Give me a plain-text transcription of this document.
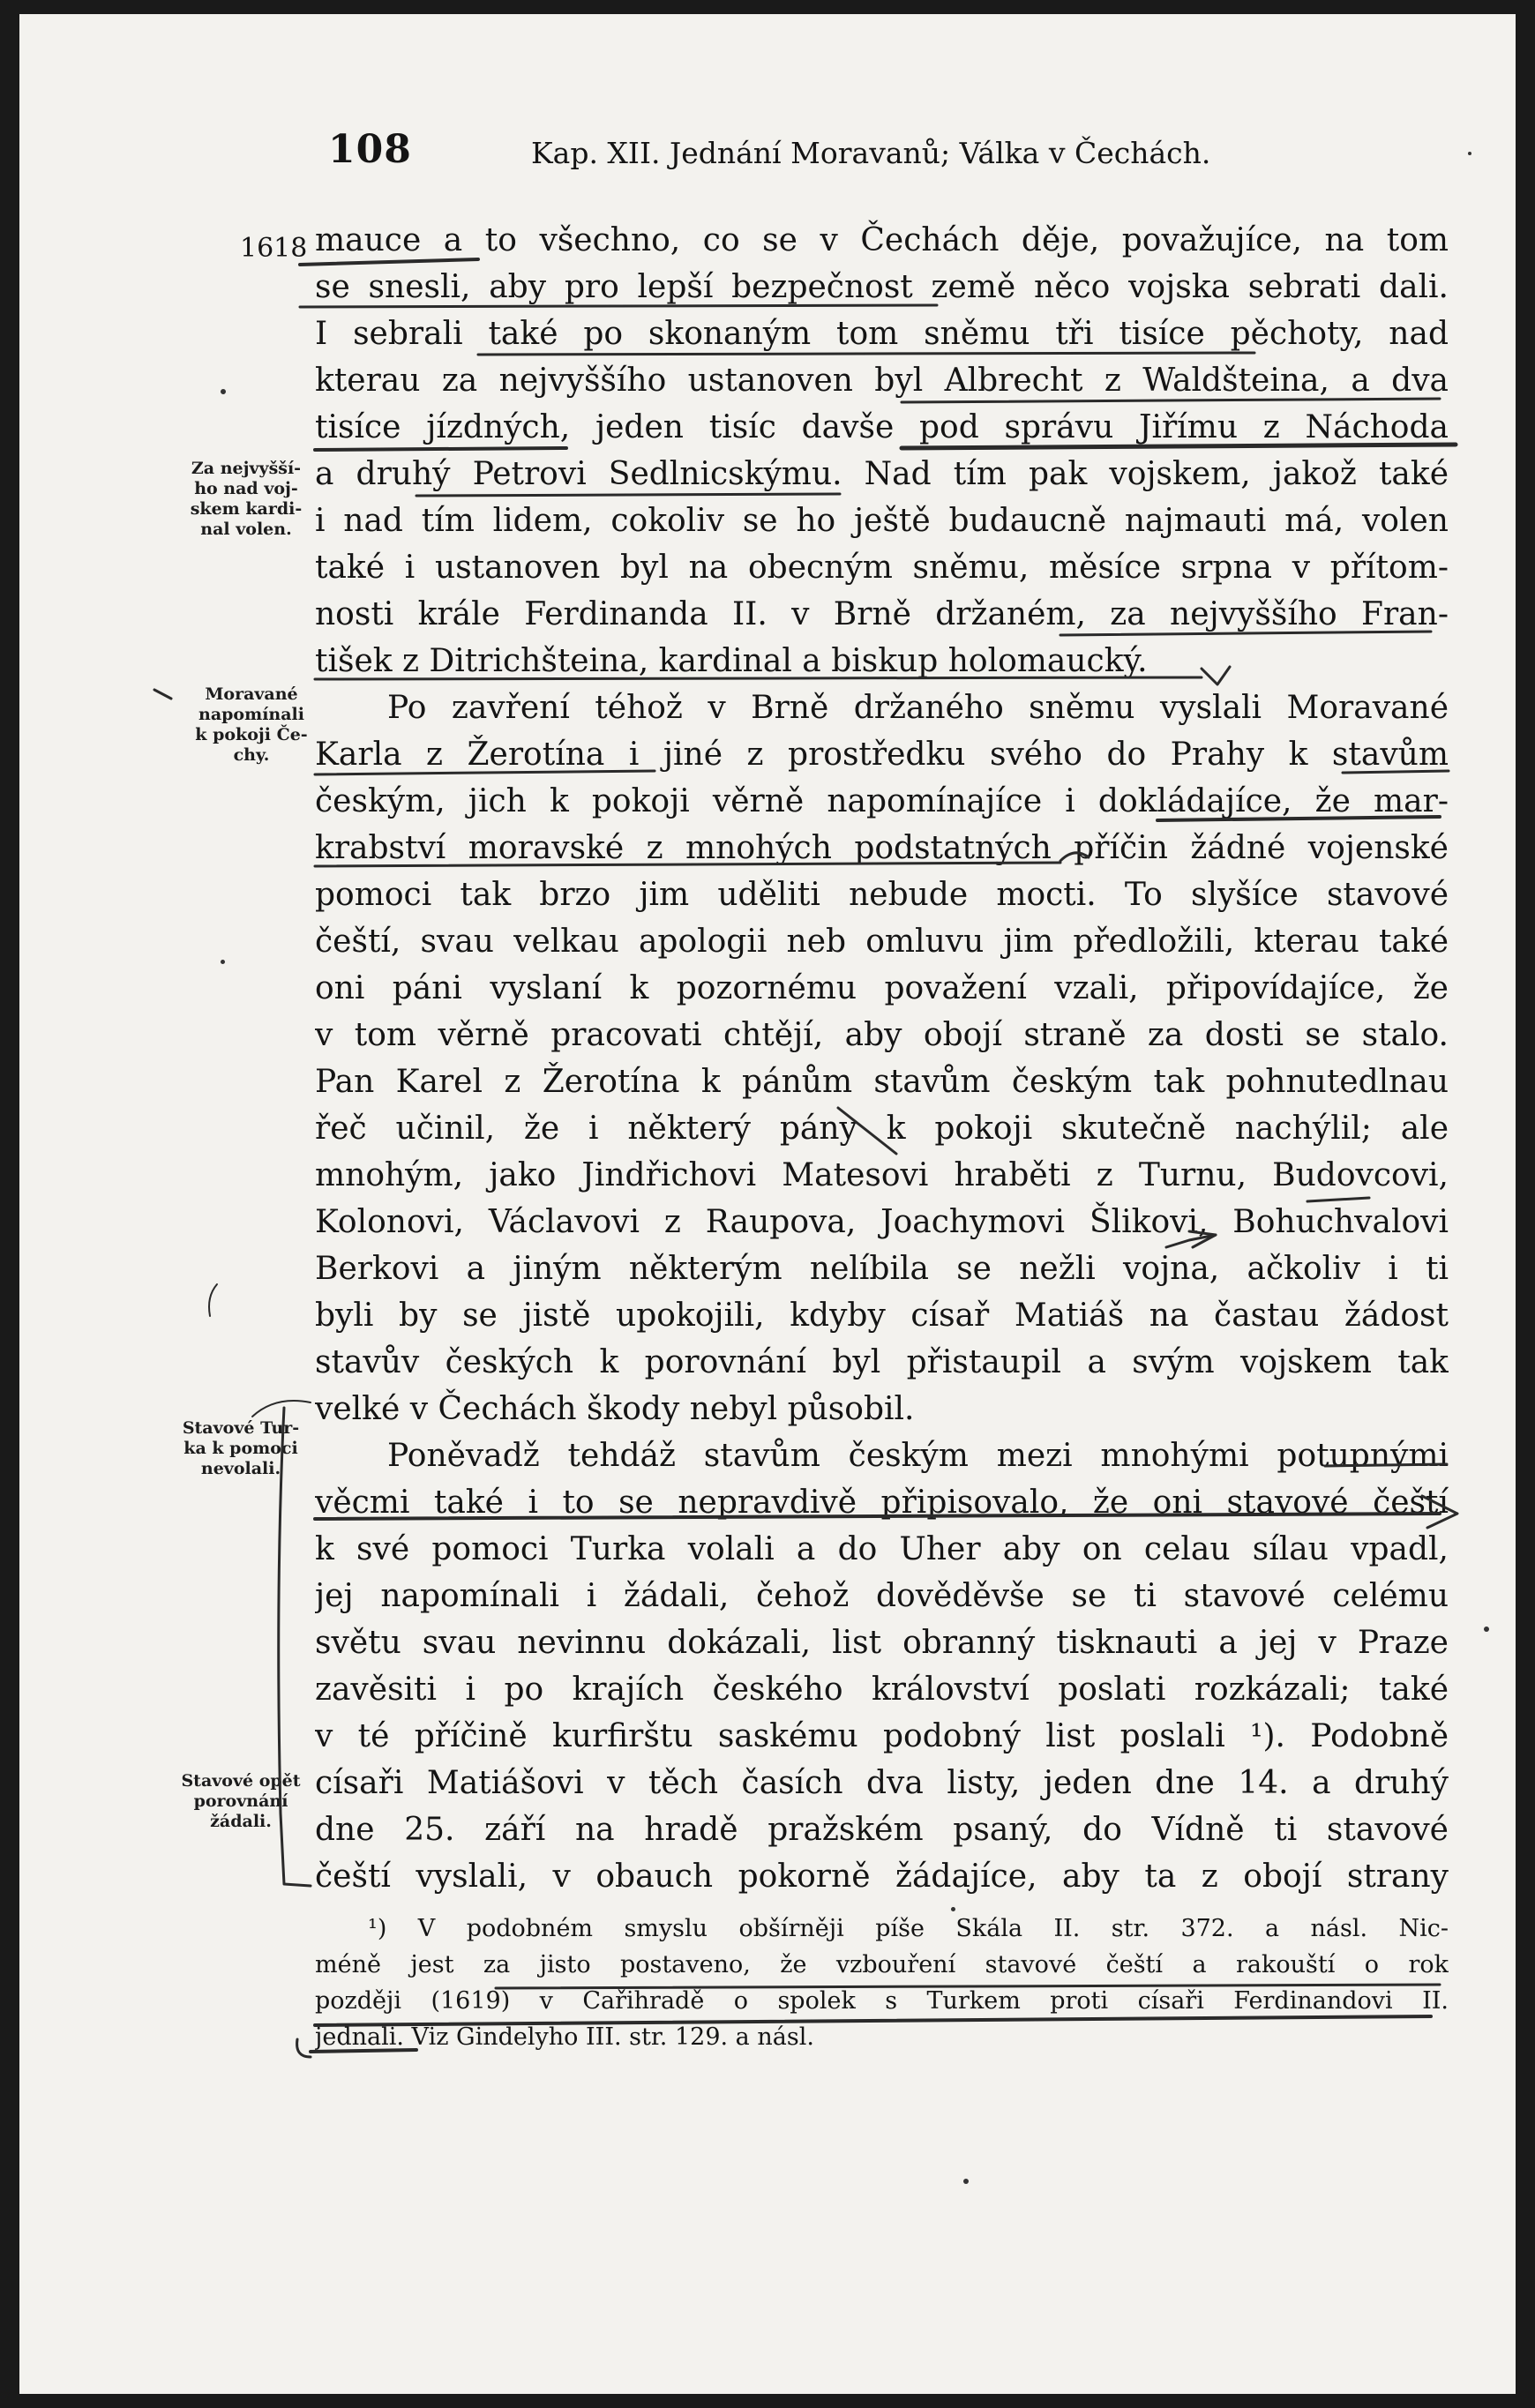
108	Kap. XII. Jednání Moravanů; Válka v Čechách.
1618
Za nejvyšší-
ho nad voj-
skem kardi-
nal volen.
Moravané
napomínali
k pokoji Če-
chy.
Stavové Tur-
ka k pomoci
nevolali.
Stavové opět
porovnání
žádali.
mauce a to všechno, co se v Čechách děje, považujíce, na tom
se snesli, aby pro lepší bezpečnost země něco vojska sebrati dali.
I sebrali také po skonaným tom sněmu tři tisíce pěchoty, nad
kterau za nejvyššího ustanoven byl Albrecht z Waldšteina, a dva
tisíce jízdných, jeden tisíc davše pod správu Jiřímu z Náchoda
a druhý Petrovi Sedlnicskýmu. Nad tím pak vojskem, jakož také
i nad tím lidem, cokoliv se ho ještě budaucně najmauti má, volen
také i ustanoven byl na obecným sněmu, měsíce srpna v přítom-
nosti krále Ferdinanda II. v Brně držaném, za nejvyššího Fran-
tišek z Ditrichšteina, kardinal a biskup holomaucký.
Po zavření téhož v Brně držaného sněmu vyslali Moravané
Karla z Žerotína i jiné z prostředku svého do Prahy k stavům
českým, jich k pokoji věrně napomínajíce i dokládajíce, že mar-
krabství moravské z mnohých podstatných příčin žádné vojenské
pomoci tak brzo jim uděliti nebude mocti. To slyšíce stavové
čeští, svau velkau apologii neb omluvu jim předložili, kterau také
oni páni vyslaní k pozornému považení vzali, připovídajíce, že
v tom věrně pracovati chtějí, aby obojí straně za dosti se stalo.
Pan Karel z Žerotína k pánům stavům českým tak pohnutedlnau
řeč učinil, že i některý pány k pokoji skutečně nachýlil; ale
mnohým, jako Jindřichovi Matesovi hraběti z Turnu, Budovcovi,
Kolonovi, Václavovi z Raupova, Joachymovi Šlikovi, Bohuchvalovi
Berkovi a jiným některým nelíbila se nežli vojna, ačkoliv i ti
byli by se jistě upokojili, kdyby císař Matiáš na častau žádost
stavův českých k porovnání byl přistaupil a svým vojskem tak
velké v Čechách škody nebyl působil.
Poněvadž tehdáž stavům českým mezi mnohými potupnými
věcmi také i to se nepravdivě připisovalo, že oni stavové čeští
k své pomoci Turka volali a do Uher aby on celau sílau vpadl,
jej napomínali i žádali, čehož dověděvše se ti stavové celému
světu svau nevinnu dokázali, list obranný tisknauti a jej v Praze
zavěsiti i po krajích českého království poslati rozkázali; také
v té příčině kurfirštu saskému podobný list poslali ¹). Podobně
císaři Matiášovi v těch časích dva listy, jeden dne 14. a druhý
dne 25. září na hradě pražském psaný, do Vídně ti stavové
čeští vyslali, v obauch pokorně žádajíce, aby ta z obojí strany
¹) V podobném smyslu obšírněji píše Skála II. str. 372. a násl. Nic-
méně jest za jisto postaveno, že vzbouření stavové čeští a rakouští o rok
později (1619) v Cařihradě o spolek s Turkem proti císaři Ferdinandovi II.
jednali. Viz Gindelyho III. str. 129. a násl.
